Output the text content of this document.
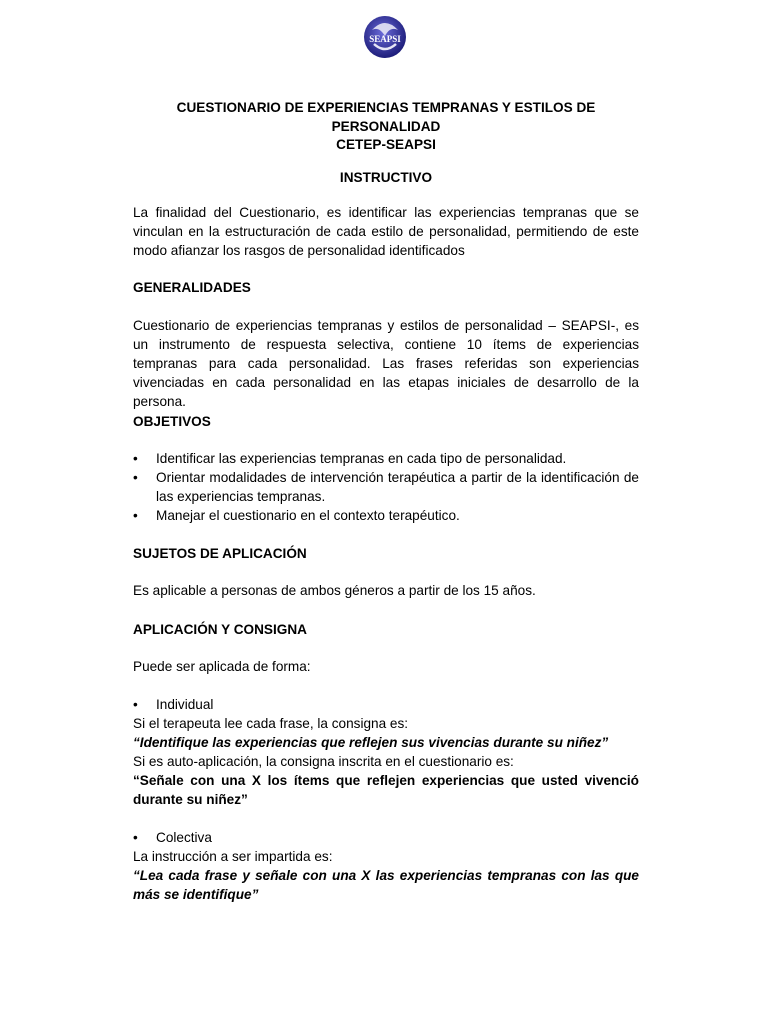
SEAPSI
CUESTIONARIO DE EXPERIENCIAS TEMPRANAS Y ESTILOS DE PERSONALIDAD
CETEP-SEAPSI
INSTRUCTIVO
La finalidad del Cuestionario, es identificar las experiencias tempranas que se vinculan en la estructuración de cada estilo de personalidad, permitiendo de este modo afianzar los rasgos de personalidad identificados
GENERALIDADES
Cuestionario de experiencias tempranas y estilos de personalidad – SEAPSI-, es un instrumento de respuesta selectiva, contiene 10 ítems de experiencias tempranas para cada personalidad. Las frases referidas son experiencias vivenciadas en cada personalidad en las etapas iniciales de desarrollo de la persona.
OBJETIVOS
• Identificar las experiencias tempranas en cada tipo de personalidad.
• Orientar modalidades de intervención terapéutica a partir de la identificación de las experiencias tempranas.
• Manejar el cuestionario en el contexto terapéutico.
SUJETOS DE APLICACIÓN
Es aplicable a personas de ambos géneros a partir de los 15 años.
APLICACIÓN Y CONSIGNA
Puede ser aplicada de forma:
• Individual
Si el terapeuta lee cada frase, la consigna es:
“Identifique las experiencias que reflejen sus vivencias durante su niñez”
Si es auto-aplicación, la consigna inscrita en el cuestionario es:
“Señale con una X los ítems que reflejen experiencias que usted vivenció durante su niñez”
• Colectiva
La instrucción a ser impartida es:
“Lea cada frase y señale con una X las experiencias tempranas con las que más se identifique”
